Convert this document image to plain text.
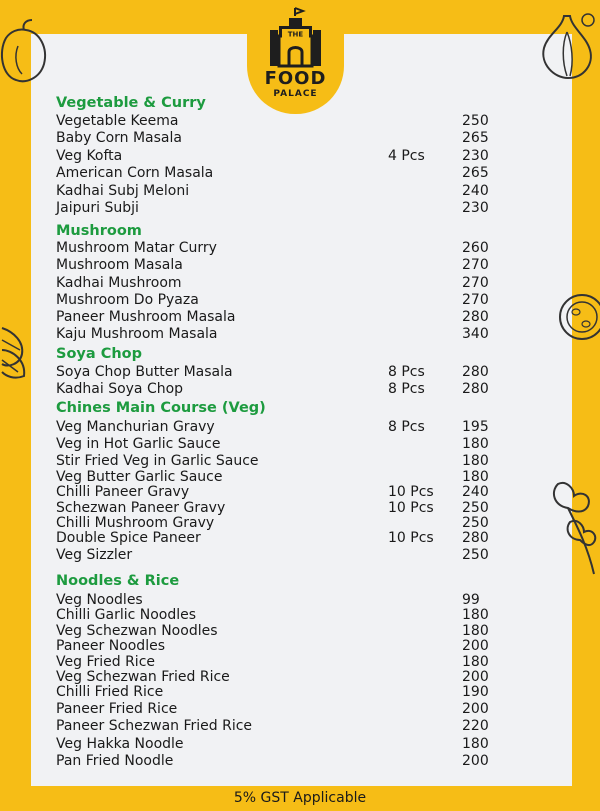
THE
FOOD
PALACE
Vegetable & Curry
Vegetable Keema	250
Baby Corn Masala	265
Veg Kofta	4 Pcs	230
American Corn Masala	265
Kadhai Subj Meloni	240
Jaipuri Subji	230
Mushroom
Mushroom Matar Curry	260
Mushroom Masala	270
Kadhai Mushroom	270
Mushroom Do Pyaza	270
Paneer Mushroom Masala	280
Kaju Mushroom Masala	340
Soya Chop
Soya Chop Butter Masala	8 Pcs	280
Kadhai Soya Chop	8 Pcs	280
Chines Main Course (Veg)
Veg Manchurian Gravy	8 Pcs	195
Veg in Hot Garlic Sauce	180
Stir Fried Veg in Garlic Sauce	180
Veg Butter Garlic Sauce	180
Chilli Paneer Gravy	10 Pcs 240
Schezwan Paneer Gravy	10 Pcs 250
Chilli Mushroom Gravy	250
Double Spice Paneer	10 Pcs 280
Veg Sizzler	250
Noodles & Rice
Veg Noodles	99
Chilli Garlic Noodles	180
Veg Schezwan Noodles	180
Paneer Noodles	200
Veg Fried Rice	180
Veg Schezwan Fried Rice	200
Chilli Fried Rice	190
Paneer Fried Rice	200
Paneer Schezwan Fried Rice	220
Veg Hakka Noodle	180
Pan Fried Noodle	200
5% GST Applicable
